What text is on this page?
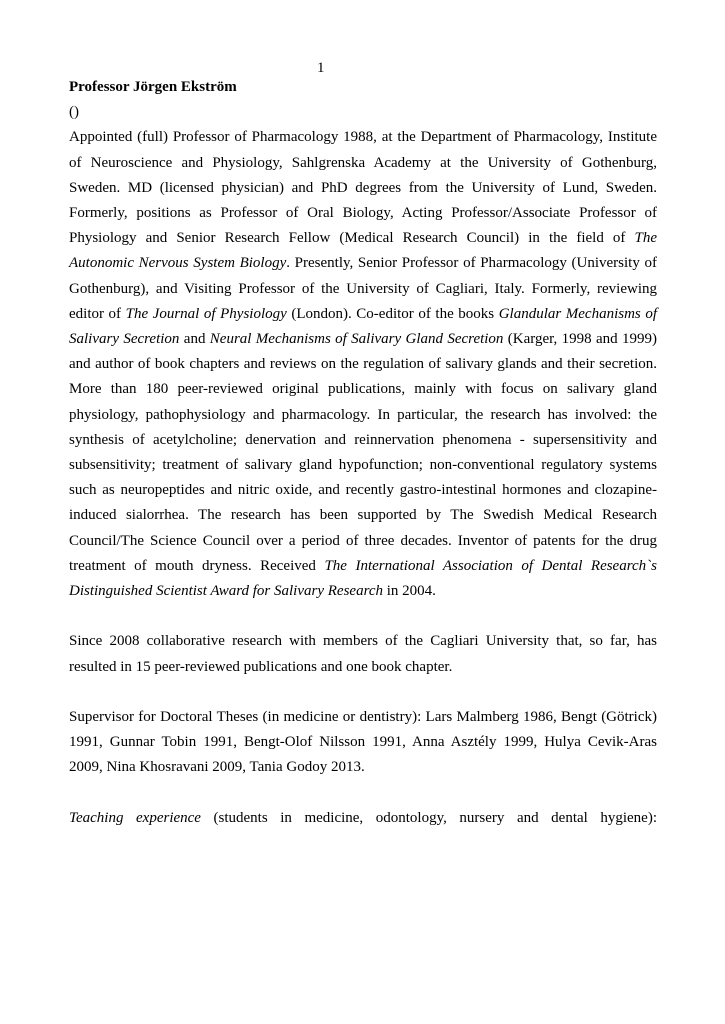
1

Professor Jörgen Ekström

()

Appointed (full) Professor of Pharmacology 1988, at the Department of Pharmacology, Institute of Neuroscience and Physiology, Sahlgrenska Academy at the University of Gothenburg, Sweden. MD (licensed physician) and PhD degrees from the University of Lund, Sweden. Formerly, positions as Professor of Oral Biology, Acting Professor/Associate Professor of Physiology and Senior Research Fellow (Medical Research Council) in the field of The Autonomic Nervous System Biology. Presently, Senior Professor of Pharmacology (University of Gothenburg), and Visiting Professor of the University of Cagliari, Italy. Formerly, reviewing editor of The Journal of Physiology (London). Co-editor of the books Glandular Mechanisms of Salivary Secretion and Neural Mechanisms of Salivary Gland Secretion (Karger, 1998 and 1999) and author of book chapters and reviews on the regulation of salivary glands and their secretion. More than 180 peer-reviewed original publications, mainly with focus on salivary gland physiology, pathophysiology and pharmacology. In particular, the research has involved: the synthesis of acetylcholine; denervation and reinnervation phenomena - supersensitivity and subsensitivity; treatment of salivary gland hypofunction; non-conventional regulatory systems such as neuropeptides and nitric oxide, and recently gastro-intestinal hormones and clozapine-induced sialorrhea. The research has been supported by The Swedish Medical Research Council/The Science Council over a period of three decades. Inventor of patents for the drug treatment of mouth dryness. Received The International Association of Dental Research`s Distinguished Scientist Award for Salivary Research in 2004.

Since 2008 collaborative research with members of the Cagliari University that, so far, has resulted in 15 peer-reviewed publications and one book chapter.

Supervisor for Doctoral Theses (in medicine or dentistry): Lars Malmberg 1986, Bengt (Götrick) 1991, Gunnar Tobin 1991, Bengt-Olof Nilsson 1991, Anna Asztély 1999, Hulya Cevik-Aras 2009, Nina Khosravani 2009, Tania Godoy 2013.

Teaching experience (students in medicine, odontology, nursery and dental hygiene):
